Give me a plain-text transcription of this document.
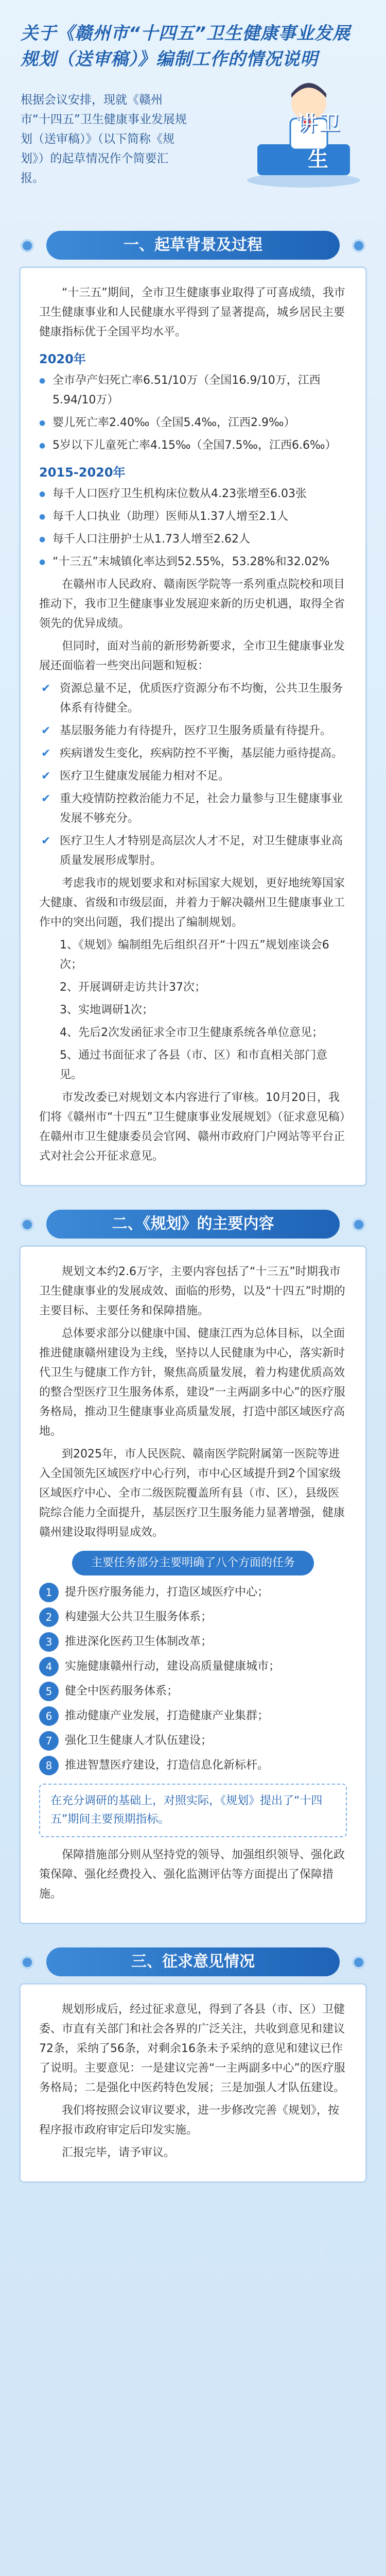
关于《赣州市“十四五”卫生健康事业发展规划（送审稿）》编制工作的情况说明
根据会议安排，现就《赣州市“十四五”卫生健康事业发展规划（送审稿）》（以下简称《规划》）的起草情况作个简要汇报。
讲卫生
一、起草背景及过程

“十三五”期间，全市卫生健康事业取得了可喜成绩，我市卫生健康事业和人民健康水平得到了显著提高，城乡居民主要健康指标优于全国平均水平。

2020年

● 全市孕产妇死亡率6.51/10万（全国16.9/10万，江西5.94/10万）

● 婴儿死亡率2.40‰（全国5.4‰，江西2.9‰）

● 5岁以下儿童死亡率4.15‰（全国7.5‰，江西6.6‰）

2015-2020年

● 每千人口医疗卫生机构床位数从4.23张增至6.03张

● 每千人口执业（助理）医师从1.37人增至2.1人

● 每千人口注册护士从1.73人增至2.62人

● “十三五”末城镇化率达到52.55%，53.28%和32.02%

在赣州市人民政府、赣南医学院等一系列重点院校和项目推动下，我市卫生健康事业发展迎来新的历史机遇，取得全省领先的优异成绩。

但同时，面对当前的新形势新要求，全市卫生健康事业发展还面临着一些突出问题和短板：

✔ 资源总量不足，优质医疗资源分布不均衡，公共卫生服务体系有待健全。

✔ 基层服务能力有待提升，医疗卫生服务质量有待提升。

✔ 疾病谱发生变化，疾病防控不平衡，基层能力亟待提高。

✔ 医疗卫生健康发展能力相对不足。

✔ 重大疫情防控救治能力不足，社会力量参与卫生健康事业发展不够充分。

✔ 医疗卫生人才特别是高层次人才不足，对卫生健康事业高质量发展形成掣肘。

考虑我市的规划要求和对标国家大规划，更好地统筹国家大健康、省级和市级层面，并着力于解决赣州卫生健康事业工作中的突出问题，我们提出了编制规划。

1、《规划》编制组先后组织召开“十四五”规划座谈会6次；

2、开展调研走访共计37次；

3、实地调研1次；

4、先后2次发函征求全市卫生健康系统各单位意见；

5、通过书面征求了各县（市、区）和市直相关部门意见。

市发改委已对规划文本内容进行了审核。10月20日，我们将《赣州市“十四五”卫生健康事业发展规划》（征求意见稿）在赣州市卫生健康委员会官网、赣州市政府门户网站等平台正式对社会公开征求意见。

二、《规划》的主要内容

规划文本约2.6万字，主要内容包括了“十三五”时期我市卫生健康事业的发展成效、面临的形势，以及“十四五”时期的主要目标、主要任务和保障措施。

总体要求部分以健康中国、健康江西为总体目标，以全面推进健康赣州建设为主线，坚持以人民健康为中心，落实新时代卫生与健康工作方针，聚焦高质量发展，着力构建优质高效的整合型医疗卫生服务体系，建设“一主两副多中心”的医疗服务格局，推动卫生健康事业高质量发展，打造中部区域医疗高地。

到2025年，市人民医院、赣南医学院附属第一医院等进入全国领先区域医疗中心行列，市中心区域提升到2个国家级区域医疗中心、全市二级医院覆盖所有县（市、区），县级医院综合能力全面提升，基层医疗卫生服务能力显著增强，健康赣州建设取得明显成效。

主要任务部分主要明确了八个方面的任务
1	提升医疗服务能力，打造区域医疗中心；
2	构建强大公共卫生服务体系；
3	推进深化医药卫生体制改革；
4	实施健康赣州行动，建设高质量健康城市；
5	健全中医药服务体系；
6	推动健康产业发展，打造健康产业集群；
7	强化卫生健康人才队伍建设；
8	推进智慧医疗建设，打造信息化新标杆。
在充分调研的基础上，对照实际，《规划》提出了“十四五”期间主要预期指标。

保障措施部分则从坚持党的领导、加强组织领导、强化政策保障、强化经费投入、强化监测评估等方面提出了保障措施。

三、征求意见情况

规划形成后，经过征求意见，得到了各县（市、区）卫健委、市直有关部门和社会各界的广泛关注，共收到意见和建议72条，采纳了56条，对剩余16条未予采纳的意见和建议已作了说明。主要意见：一是建议完善“一主两副多中心”的医疗服务格局；二是强化中医药特色发展；三是加强人才队伍建设。

我们将按照会议审议要求，进一步修改完善《规划》，按程序报市政府审定后印发实施。

汇报完毕，请予审议。
